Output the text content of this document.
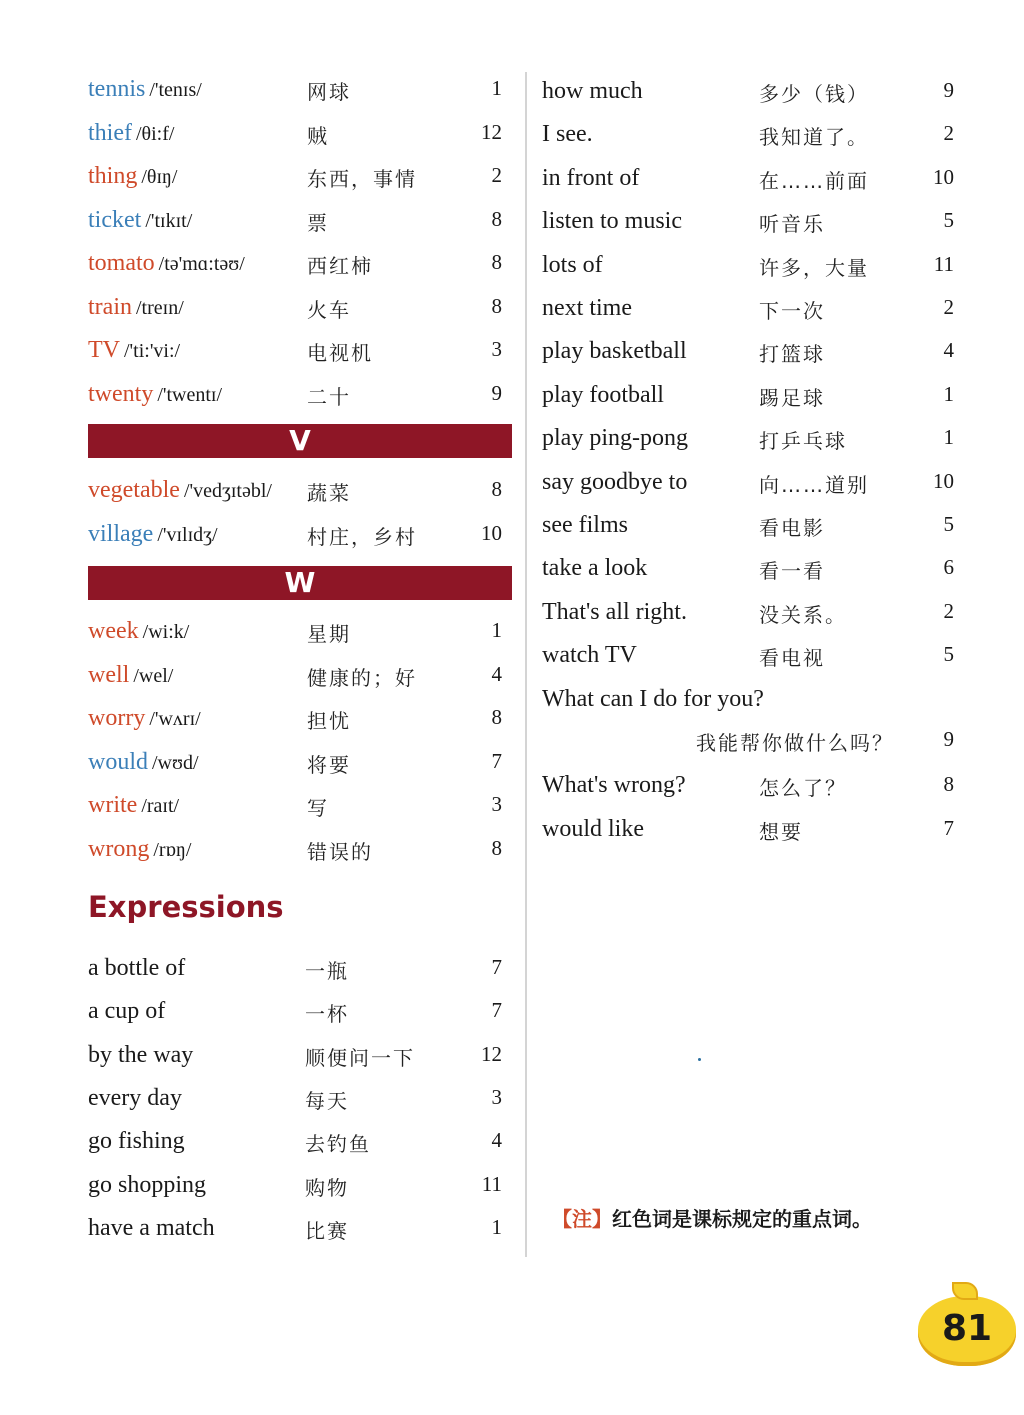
tennis /'tenɪs/	网球	1
thief /θi:f/	贼	12
thing /θɪŋ/	东西，事情	2
ticket /'tɪkɪt/	票	8
tomato /tə'mɑ:təʊ/	西红柿	8
train /treɪn/	火车	8
TV /'ti:'vi:/	电视机	3
twenty /'twentɪ/	二十	9
V
vegetable /'vedʒɪtəbl/ 蔬菜	8
village /'vɪlɪdʒ/	村庄，乡村	10
W
week /wi:k/	星期	1
well /wel/	健康的；好	4
worry /'wʌrɪ/	担忧	8
would /wʊd/	将要	7
write /raɪt/	写	3
wrong /rɒŋ/	错误的	8
Expressions
a bottle of	一瓶	7
a cup of	一杯	7
by the way	顺便问一下	12
every day	每天	3
go fishing	去钓鱼	4
go shopping	购物	11
have a match	比赛	1
how much	多少（钱）	9
I see.	我知道了。	2
in front of	在……前面	10
listen to music	听音乐	5
lots of	许多，大量	11
next time	下一次	2
play basketball	打篮球	4
play football	踢足球	1
play ping-pong	打乒乓球	1
say goodbye to	向……道别	10
see films	看电影	5
take a look	看一看	6
That's all right.	没关系。	2
watch TV	看电视	5
What can I do for you?
我能帮你做什么吗？	9
What's wrong?	怎么了？	8
would like	想要	7
【注】红色词是课标规定的重点词。
81
